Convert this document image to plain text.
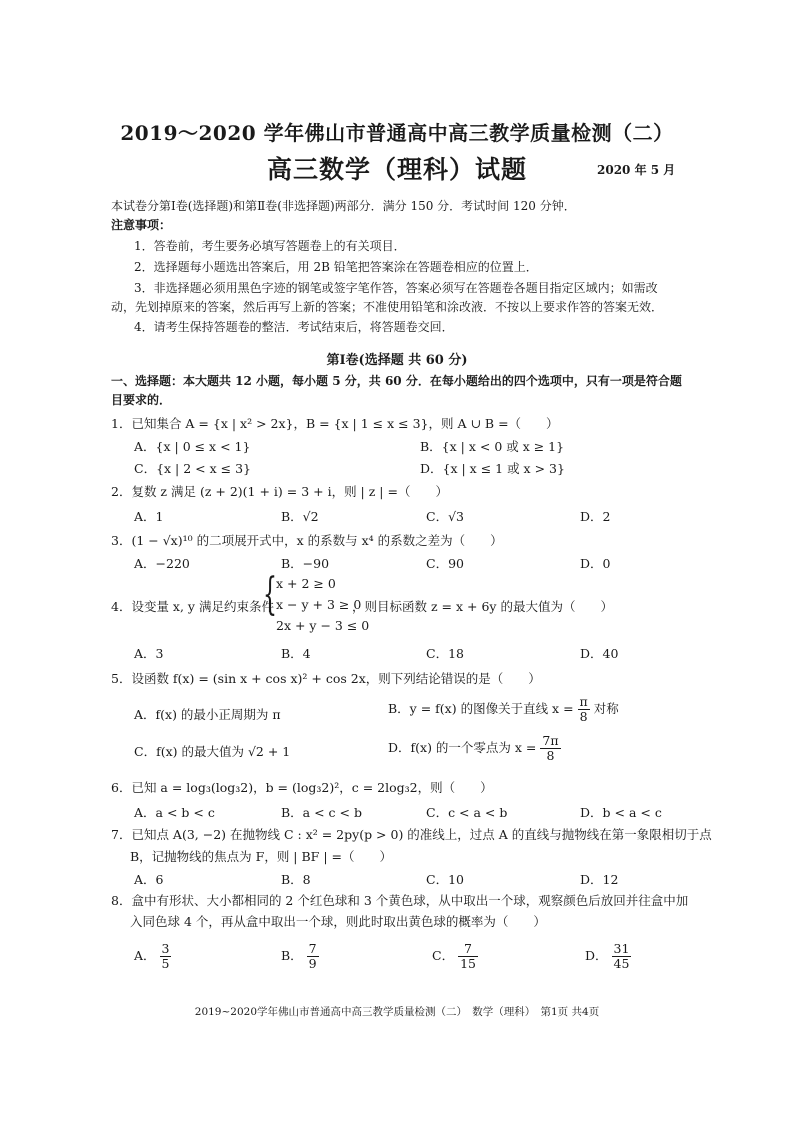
2019～2020 学年佛山市普通高中高三教学质量检测（二）
高三数学（理科）试题	2020 年 5 月
本试卷分第Ⅰ卷(选择题)和第Ⅱ卷(非选择题)两部分．满分 150 分．考试时间 120 分钟．
注意事项：
1．答卷前，考生要务必填写答题卷上的有关项目．
2．选择题每小题选出答案后，用 2B 铅笔把答案涂在答题卷相应的位置上．
3．非选择题必须用黑色字迹的钢笔或签字笔作答，答案必须写在答题卷各题目指定区域内；如需改
动，先划掉原来的答案，然后再写上新的答案；不准使用铅笔和涂改液．不按以上要求作答的答案无效．
4．请考生保持答题卷的整洁．考试结束后，将答题卷交回．
第Ⅰ卷(选择题 共 60 分)
一、选择题：本大题共 12 小题，每小题 5 分，共 60 分．在每小题给出的四个选项中，只有一项是符合题
目要求的．
1．已知集合 A = {x | x² > 2x}，B = {x | 1 ≤ x ≤ 3}，则 A ∪ B =（　　）
A．{x | 0 ≤ x < 1}	B．{x | x < 0 或 x ≥ 1}
C．{x | 2 < x ≤ 3}	D．{x | x ≤ 1 或 x > 3}
2．复数 z 满足 (z + 2)(1 + i) = 3 + i，则 | z | =（　　）
A．1	B．√2	C．√3	D．2
3．(1 − √x)¹⁰ 的二项展开式中，x 的系数与 x⁴ 的系数之差为（　　）
A．−220	B．−90	C．90	D．0
4．设变量 x, y 满足约束条件
{ x + 2 ≥ 0
x − y + 3 ≥ 0
2x + y − 3 ≤ 0
，则目标函数 z = x + 6y 的最大值为（　　）
A．3	B．4	C．18	D．40
5．设函数 f(x) = (sin x + cos x)² + cos 2x，则下列结论错误的是（　　）
A．f(x) 的最小正周期为 π	B．y = f(x) 的图像关于直线 $x = \frac{\pi}{8}$ 对称
C．f(x) 的最大值为 √2 + 1	D．f(x) 的一个零点为 $x = \frac{7\pi}{8}$
6．已知 a = log₃(log₃2)，b = (log₃2)²，c = 2log₃2，则（　　）
A．a < b < c	B．a < c < b	C．c < a < b	D．b < a < c
7．已知点 A(3, −2) 在抛物线 C : x² = 2py(p > 0) 的准线上，过点 A 的直线与抛物线在第一象限相切于点
B，记抛物线的焦点为 F，则 | BF | =（　　）
A．6	B．8	C．10	D．12
8．盒中有形状、大小都相同的 2 个红色球和 3 个黄色球，从中取出一个球，观察颜色后放回并往盒中加
入同色球 4 个，再从盒中取出一个球，则此时取出黄色球的概率为（　　）
A． $\frac{3}{5}$	B． $\frac{7}{9}$	C． $\frac{7}{15}$	D． $\frac{31}{45}$
2019~2020学年佛山市普通高中高三教学质量检测（二）　数学（理科）　第1页 共4页
